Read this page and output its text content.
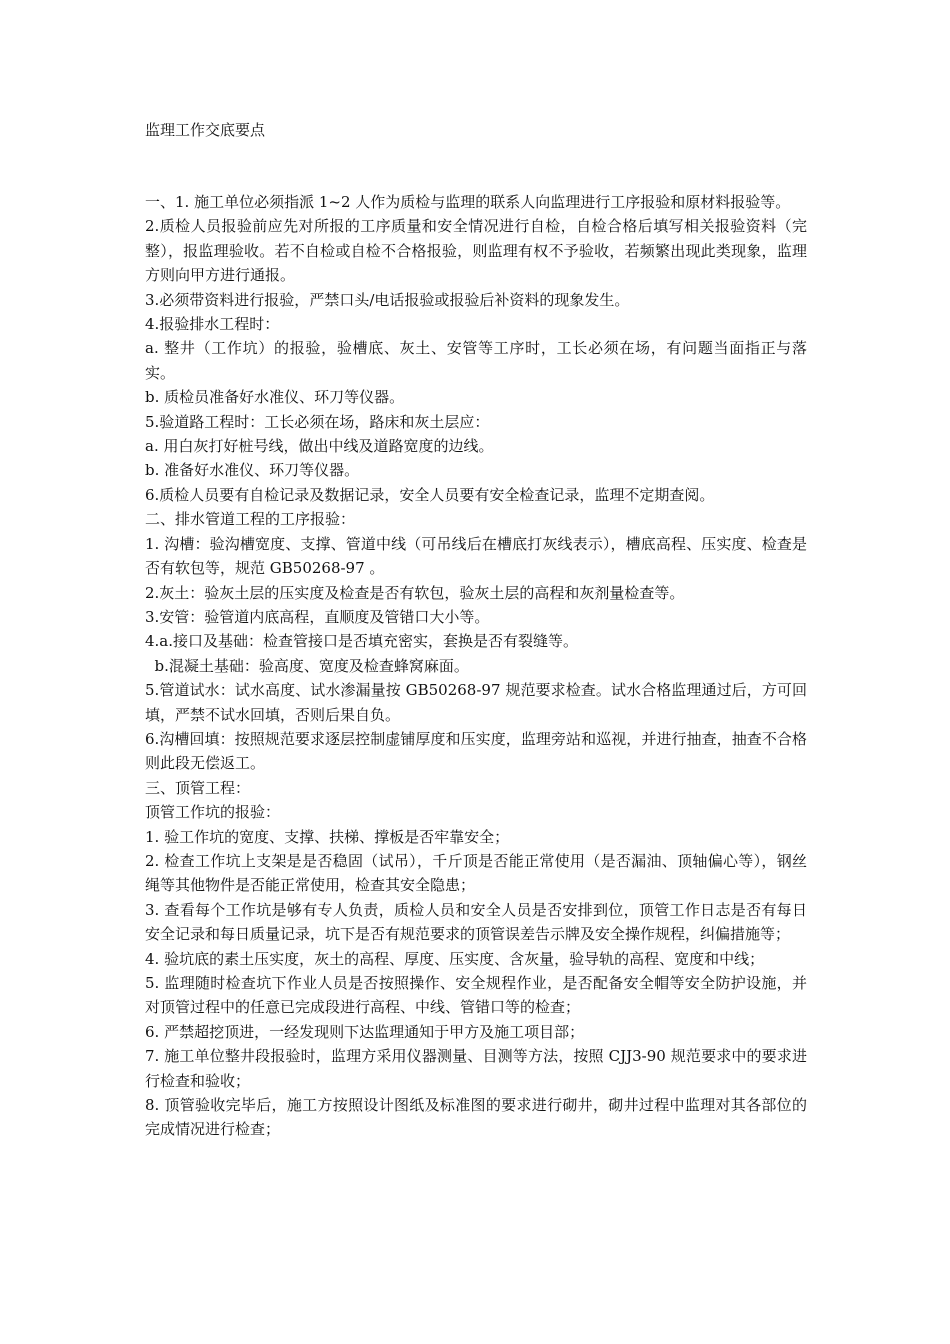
监理工作交底要点

一、1. 施工单位必须指派 1~2 人作为质检与监理的联系人向监理进行工序报验和原材料报验等。

2.质检人员报验前应先对所报的工序质量和安全情况进行自检，自检合格后填写相关报验资料（完整），报监理验收。若不自检或自检不合格报验，则监理有权不予验收，若频繁出现此类现象，监理方则向甲方进行通报。

3.必须带资料进行报验，严禁口头/电话报验或报验后补资料的现象发生。

4.报验排水工程时：

a. 整井（工作坑）的报验，验槽底、灰土、安管等工序时，工长必须在场，有问题当面指正与落实。

b. 质检员准备好水准仪、环刀等仪器。

5.验道路工程时：工长必须在场，路床和灰土层应：

a. 用白灰打好桩号线，做出中线及道路宽度的边线。

b. 准备好水准仪、环刀等仪器。

6.质检人员要有自检记录及数据记录，安全人员要有安全检查记录，监理不定期查阅。

二、排水管道工程的工序报验：

1. 沟槽：验沟槽宽度、支撑、管道中线（可吊线后在槽底打灰线表示），槽底高程、压实度、检查是否有软包等，规范 GB50268-97 。

2.灰土：验灰土层的压实度及检查是否有软包，验灰土层的高程和灰剂量检查等。

3.安管：验管道内底高程，直顺度及管错口大小等。

4.a.接口及基础：检查管接口是否填充密实，套换是否有裂缝等。

b.混凝土基础：验高度、宽度及检查蜂窝麻面。

5.管道试水：试水高度、试水渗漏量按 GB50268-97 规范要求检查。试水合格监理通过后，方可回填，严禁不试水回填，否则后果自负。

6.沟槽回填：按照规范要求逐层控制虚铺厚度和压实度，监理旁站和巡视，并进行抽查，抽查不合格则此段无偿返工。

三、顶管工程：

顶管工作坑的报验：

1. 验工作坑的宽度、支撑、扶梯、撑板是否牢靠安全；

2. 检查工作坑上支架是是否稳固（试吊），千斤顶是否能正常使用（是否漏油、顶轴偏心等），钢丝绳等其他物件是否能正常使用，检查其安全隐患；

3. 查看每个工作坑是够有专人负责，质检人员和安全人员是否安排到位，顶管工作日志是否有每日安全记录和每日质量记录，坑下是否有规范要求的顶管误差告示牌及安全操作规程，纠偏措施等；

4. 验坑底的素土压实度，灰土的高程、厚度、压实度、含灰量，验导轨的高程、宽度和中线；

5. 监理随时检查坑下作业人员是否按照操作、安全规程作业，是否配备安全帽等安全防护设施，并对顶管过程中的任意已完成段进行高程、中线、管错口等的检查；

6. 严禁超挖顶进，一经发现则下达监理通知于甲方及施工项目部；

7. 施工单位整井段报验时，监理方采用仪器测量、目测等方法，按照 CJJ3-90 规范要求中的要求进行检查和验收；

8. 顶管验收完毕后，施工方按照设计图纸及标准图的要求进行砌井，砌井过程中监理对其各部位的完成情况进行检查；
